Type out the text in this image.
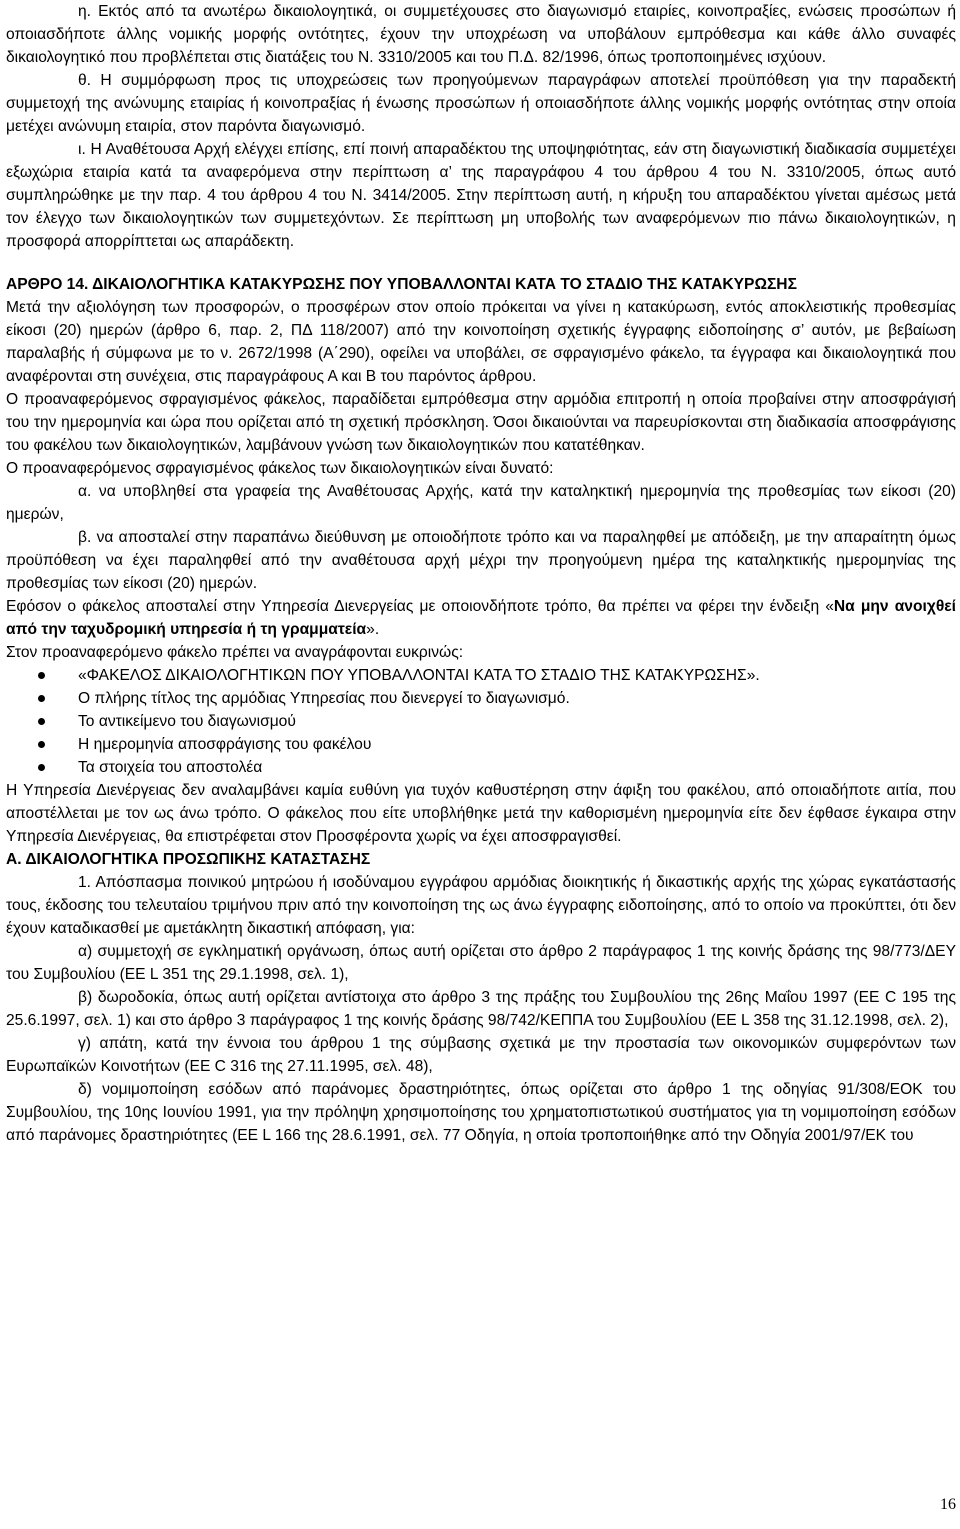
η. Εκτός από τα ανωτέρω δικαιολογητικά, οι συμμετέχουσες στο διαγωνισμό εταιρίες, κοινοπραξίες, ενώσεις προσώπων ή οποιασδήποτε άλλης νομικής μορφής οντότητες, έχουν την υποχρέωση να υποβάλουν εμπρόθεσμα και κάθε άλλο συναφές δικαιολογητικό που προβλέπεται στις διατάξεις του Ν. 3310/2005 και του Π.Δ. 82/1996, όπως τροποποιημένες ισχύουν.

θ. Η συμμόρφωση προς τις υποχρεώσεις των προηγούμενων παραγράφων αποτελεί προϋπόθεση για την παραδεκτή συμμετοχή της ανώνυμης εταιρίας ή κοινοπραξίας ή ένωσης προσώπων ή οποιασδήποτε άλλης νομικής μορφής οντότητας στην οποία μετέχει ανώνυμη εταιρία, στον παρόντα διαγωνισμό.

ι. Η Αναθέτουσα Αρχή ελέγχει επίσης, επί ποινή απαραδέκτου της υποψηφιότητας, εάν στη διαγωνιστική διαδικασία συμμετέχει εξωχώρια εταιρία κατά τα αναφερόμενα στην περίπτωση α’ της παραγράφου 4 του άρθρου 4 του Ν. 3310/2005, όπως αυτό συμπληρώθηκε με την παρ. 4 του άρθρου 4 του Ν. 3414/2005. Στην περίπτωση αυτή, η κήρυξη του απαραδέκτου γίνεται αμέσως μετά τον έλεγχο των δικαιολογητικών των συμμετεχόντων. Σε περίπτωση μη υποβολής των αναφερόμενων πιο πάνω δικαιολογητικών, η προσφορά απορρίπτεται ως απαράδεκτη.

ΑΡΘΡΟ 14. ΔΙΚΑΙΟΛΟΓΗΤΙΚΑ ΚΑΤΑΚΥΡΩΣΗΣ ΠΟΥ ΥΠΟΒΑΛΛΟΝΤΑΙ ΚΑΤΑ ΤΟ ΣΤΑΔΙΟ ΤΗΣ ΚΑΤΑΚΥΡΩΣΗΣ

Μετά την αξιολόγηση των προσφορών, ο προσφέρων στον οποίο πρόκειται να γίνει η κατακύρωση, εντός αποκλειστικής προθεσμίας είκοσι (20) ημερών (άρθρο 6, παρ. 2, ΠΔ 118/2007) από την κοινοποίηση σχετικής έγγραφης ειδοποίησης σ’ αυτόν, με βεβαίωση παραλαβής ή σύμφωνα με το ν. 2672/1998 (Α΄290), οφείλει να υποβάλει, σε σφραγισμένο φάκελο, τα έγγραφα και δικαιολογητικά που αναφέρονται στη συνέχεια, στις παραγράφους Α και Β του παρόντος άρθρου.

Ο προαναφερόμενος σφραγισμένος φάκελος, παραδίδεται εμπρόθεσμα στην αρμόδια επιτροπή η οποία προβαίνει στην αποσφράγισή του την ημερομηνία και ώρα που ορίζεται από τη σχετική πρόσκληση. Όσοι δικαιούνται να παρευρίσκονται στη διαδικασία αποσφράγισης του φακέλου των δικαιολογητικών, λαμβάνουν γνώση των δικαιολογητικών που κατατέθηκαν.

Ο προαναφερόμενος σφραγισμένος φάκελος των δικαιολογητικών είναι δυνατό:

α. να υποβληθεί στα γραφεία της Αναθέτουσας Αρχής, κατά την καταληκτική ημερομηνία της προθεσμίας των είκοσι (20) ημερών,

β. να αποσταλεί στην παραπάνω διεύθυνση με οποιοδήποτε τρόπο και να παραληφθεί με απόδειξη, με την απαραίτητη όμως προϋπόθεση να έχει παραληφθεί από την αναθέτουσα αρχή μέχρι την προηγούμενη ημέρα της καταληκτικής ημερομηνίας της προθεσμίας των είκοσι (20) ημερών.

Εφόσον ο φάκελος αποσταλεί στην Υπηρεσία Διενεργείας με οποιονδήποτε τρόπο, θα πρέπει να φέρει την ένδειξη «Να μην ανοιχθεί από την ταχυδρομική υπηρεσία ή τη γραμματεία».

Στον προαναφερόμενο φάκελο πρέπει να αναγράφονται ευκρινώς:

«ΦΑΚΕΛΟΣ ΔΙΚΑΙΟΛΟΓΗΤΙΚΩΝ ΠΟΥ ΥΠΟΒΑΛΛΟΝΤΑΙ ΚΑΤΑ ΤΟ ΣΤΑΔΙΟ ΤΗΣ ΚΑΤΑΚΥΡΩΣΗΣ».
Ο πλήρης τίτλος της αρμόδιας Υπηρεσίας που διενεργεί το διαγωνισμό.
Το αντικείμενο του διαγωνισμού
Η ημερομηνία αποσφράγισης του φακέλου
Τα στοιχεία του αποστολέα

Η Υπηρεσία Διενέργειας δεν αναλαμβάνει καμία ευθύνη για τυχόν καθυστέρηση στην άφιξη του φακέλου, από οποιαδήποτε αιτία, που αποστέλλεται με τον ως άνω τρόπο. Ο φάκελος που είτε υποβλήθηκε μετά την καθορισμένη ημερομηνία είτε δεν έφθασε έγκαιρα στην Υπηρεσία Διενέργειας, θα επιστρέφεται στον Προσφέροντα χωρίς να έχει αποσφραγισθεί.

Α. ΔΙΚΑΙΟΛΟΓΗΤΙΚΑ ΠΡΟΣΩΠΙΚΗΣ ΚΑΤΑΣΤΑΣΗΣ

1. Απόσπασμα ποινικού μητρώου ή ισοδύναμου εγγράφου αρμόδιας διοικητικής ή δικαστικής αρχής της χώρας εγκατάστασής τους, έκδοσης του τελευταίου τριμήνου πριν από την κοινοποίηση της ως άνω έγγραφης ειδοποίησης, από το οποίο να προκύπτει, ότι δεν έχουν καταδικασθεί με αμετάκλητη δικαστική απόφαση, για:

α) συμμετοχή σε εγκληματική οργάνωση, όπως αυτή ορίζεται στο άρθρο 2 παράγραφος 1 της κοινής δράσης της 98/773/ΔΕΥ του Συμβουλίου (ΕΕ L 351 της 29.1.1998, σελ. 1),

β) δωροδοκία, όπως αυτή ορίζεται αντίστοιχα στο άρθρο 3 της πράξης του Συμβουλίου της 26ης Μαΐου 1997 (ΕΕ C 195 της 25.6.1997, σελ. 1) και στο άρθρο 3 παράγραφος 1 της κοινής δράσης 98/742/ΚΕΠΠΑ του Συμβουλίου (ΕΕ L 358 της 31.12.1998, σελ. 2),

γ) απάτη, κατά την έννοια του άρθρου 1 της σύμβασης σχετικά με την προστασία των οικονομικών συμφερόντων των Ευρωπαϊκών Κοινοτήτων (ΕΕ C 316 της 27.11.1995, σελ. 48),

δ) νομιμοποίηση εσόδων από παράνομες δραστηριότητες, όπως ορίζεται στο άρθρο 1 της οδηγίας 91/308/ΕΟΚ του Συμβουλίου, της 10ης Ιουνίου 1991, για την πρόληψη χρησιμοποίησης του χρηματοπιστωτικού συστήματος για τη νομιμοποίηση εσόδων από παράνομες δραστηριότητες (ΕΕ L 166 της 28.6.1991, σελ. 77 Οδηγία, η οποία τροποποιήθηκε από την Οδηγία 2001/97/ΕΚ του

16
